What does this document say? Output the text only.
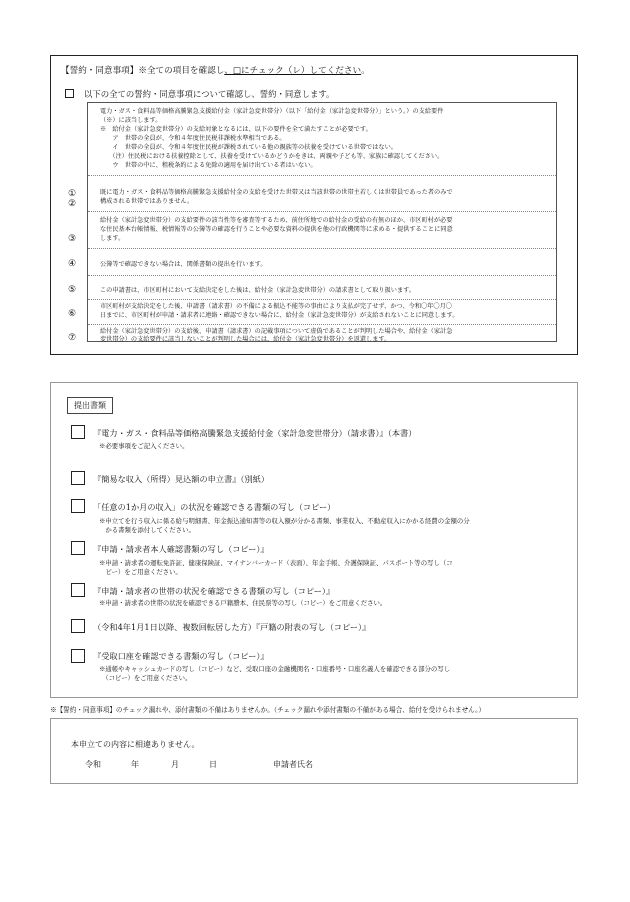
【誓約・同意事項】※全ての項目を確認し、□にチェック（レ）してください。
以下の全ての誓約・同意事項について確認し、誓約・同意します。
①
電力・ガス・食料品等価格高騰緊急支援給付金（家計急変世帯分）（以下「給付金（家計急変世帯分）」という。）の支給要件
（※）に該当します。
※　給付金（家計急変世帯分）の支給対象となるには、以下の要件を全て満たすことが必要です。
　　ア　世帯の全員が、令和４年度住民税非課税水準相当である。
　　イ　世帯の全員が、令和４年度住民税が課税されている他の親族等の扶養を受けている世帯ではない。
　　（注）住民税における扶養控除として、扶養を受けているかどうかをきは、両親や子ども等、家族に確認してください。
　　ウ　世帯の中に、租税条約による免除の適用を届け出ている者はいない。
②
既に電力・ガス・食料品等価格高騰緊急支援給付金の支給を受けた世帯又は当該世帯の世帯主若しくは世帯員であった者のみで
構成される世帯ではありません。
③
給付金（家計急変世帯分）の支給要件の該当性等を審査等するため、前住所地での給付金の受給の有無のほか、市区町村が必要
な住民基本台帳情報、税情報等の公簿等の確認を行うことや必要な資料の提供を他の行政機関等に求める・提供することに同意
します。
④	公簿等で確認できない場合は、関係書類の提出を行います。
⑤	この申請書は、市区町村において支給決定をした後は、給付金（家計急変世帯分）の請求書として取り扱います。
⑥
市区町村が支給決定をした後、申請書（請求書）の不備による振込不能等の事由により支払が完了せず、かつ、令和〇年〇月〇
日までに、市区町村が申請・請求者に連絡・確認できない場合に、給付金（家計急変世帯分）が支給されないことに同意します。
⑦
給付金（家計急変世帯分）の支給後、申請書（請求書）の記載事項について虚偽であることが判明した場合や、給付金（家計急
変世帯分）の支給要件に該当しないことが判明した場合には、給付金（家計急変世帯分）を返還します。
提出書類
『電力・ガス・食料品等価格高騰緊急支援給付金（家計急変世帯分）（請求書）』（本書）
※必要事項をご記入ください。
『簡易な収入（所得）見込額の申立書』（別紙）
「任意の1か月の収入」の状況を確認できる書類の写し（コピー）
※申立てを行う収入に係る給与明細書、年金振込通知書等の収入額が分かる書類、事業収入、不動産収入にかかる経費の金額の分
　かる書類を添付してください。
『申請・請求者本人確認書類の写し（コピー）』
※申請・請求者の運転免許証、健康保険証、マイナンバーカード（表面）、年金手帳、介護保険証、パスポート等の写し（コ
　ピー）をご用意ください。
『申請・請求者の世帯の状況を確認できる書類の写し（コピー）』
※申請・請求者の世帯の状況を確認できる戸籍謄本、住民票等の写し（コピー）をご用意ください。
（令和4年1月1日以降、複数回転居した方）『戸籍の附表の写し（コピー）』
『受取口座を確認できる書類の写し（コピー）』
※通帳やキャッシュカードの写し（コピー）など、受取口座の金融機関名・口座番号・口座名義人を確認できる部分の写し
　（コピー）をご用意ください。
※【誓約・同意事項】のチェック漏れや、添付書類の不備はありませんか。（チェック漏れや添付書類の不備がある場合、給付を受けられません。）
本申立ての内容に相違ありません。
令和	年	月	日	申請者氏名
